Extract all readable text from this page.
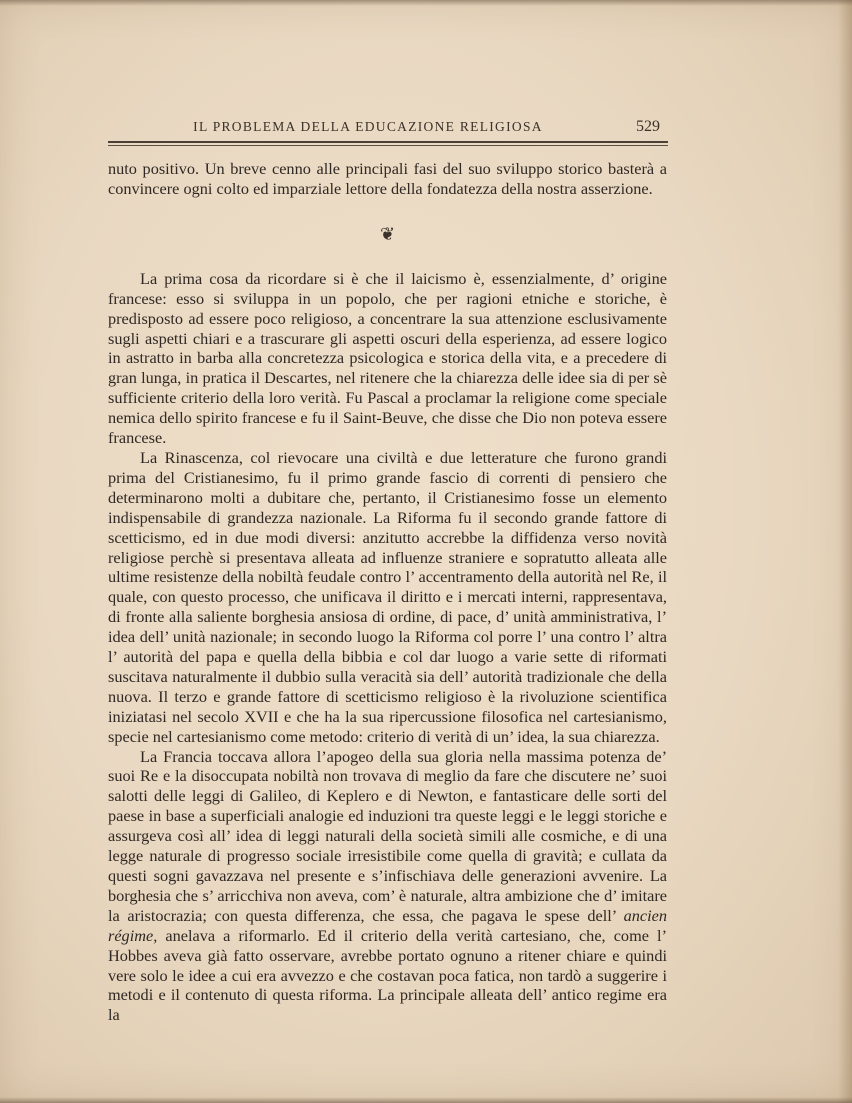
IL PROBLEMA DELLA EDUCAZIONE RELIGIOSA	529

nuto positivo. Un breve cenno alle principali fasi del suo sviluppo storico basterà a convincere ogni colto ed imparziale lettore della fondatezza della nostra asserzione.

❦

La prima cosa da ricordare si è che il laicismo è, essenzialmente, d’ origine francese: esso si sviluppa in un popolo, che per ragioni etniche e storiche, è predisposto ad essere poco religioso, a concentrare la sua attenzione esclusivamente sugli aspetti chiari e a trascurare gli aspetti oscuri della esperienza, ad essere logico in astratto in barba alla concretezza psicologica e storica della vita, e a precedere di gran lunga, in pratica il Descartes, nel ritenere che la chiarezza delle idee sia di per sè sufficiente criterio della loro verità. Fu Pascal a proclamar la religione come speciale nemica dello spirito francese e fu il Saint-Beuve, che disse che Dio non poteva essere francese.

La Rinascenza, col rievocare una civiltà e due letterature che furono grandi prima del Cristianesimo, fu il primo grande fascio di correnti di pensiero che determinarono molti a dubitare che, pertanto, il Cristianesimo fosse un elemento indispensabile di grandezza nazionale. La Riforma fu il secondo grande fattore di scetticismo, ed in due modi diversi: anzitutto accrebbe la diffidenza verso novità religiose perchè si presentava alleata ad influenze straniere e sopratutto alleata alle ultime resistenze della nobiltà feudale contro l’ accentramento della autorità nel Re, il quale, con questo processo, che unificava il diritto e i mercati interni, rappresentava, di fronte alla saliente borghesia ansiosa di ordine, di pace, d’ unità amministrativa, l’ idea dell’ unità nazionale; in secondo luogo la Riforma col porre l’ una contro l’ altra l’ autorità del papa e quella della bibbia e col dar luogo a varie sette di riformati suscitava naturalmente il dubbio sulla veracità sia dell’ autorità tradizionale che della nuova. Il terzo e grande fattore di scetticismo religioso è la rivoluzione scientifica iniziatasi nel secolo XVII e che ha la sua ripercussione filosofica nel cartesianismo, specie nel cartesianismo come metodo: criterio di verità di un’ idea, la sua chiarezza.

La Francia toccava allora l’apogeo della sua gloria nella massima potenza de’ suoi Re e la disoccupata nobiltà non trovava di meglio da fare che discutere ne’ suoi salotti delle leggi di Galileo, di Keplero e di Newton, e fantasticare delle sorti del paese in base a superficiali analogie ed induzioni tra queste leggi e le leggi storiche e assurgeva così all’ idea di leggi naturali della società simili alle cosmiche, e di una legge naturale di progresso sociale irresistibile come quella di gravità; e cullata da questi sogni gavazzava nel presente e s’infischiava delle generazioni avvenire. La borghesia che s’ arricchiva non aveva, com’ è naturale, altra ambizione che d’ imitare la aristocrazia; con questa differenza, che essa, che pagava le spese dell’ ancien régime, anelava a riformarlo. Ed il criterio della verità cartesiano, che, come l’ Hobbes aveva già fatto osservare, avrebbe portato ognuno a ritener chiare e quindi vere solo le idee a cui era avvezzo e che costavan poca fatica, non tardò a suggerire i metodi e il contenuto di questa riforma. La principale alleata dell’ antico regime era la
